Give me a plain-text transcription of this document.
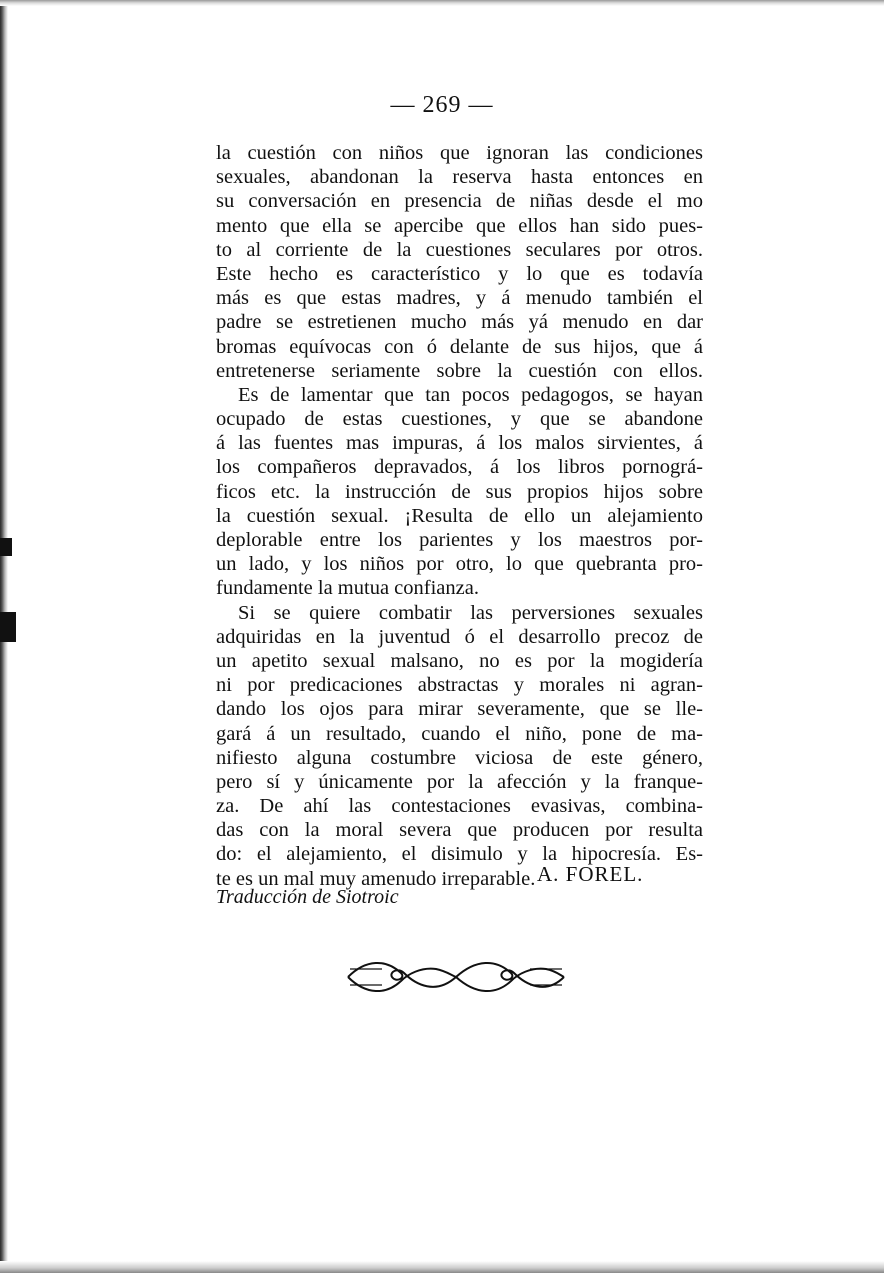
— 269 —
la cuestión con niños que ignoran las condiciones
sexuales, abandonan la reserva hasta entonces en
su conversación en presencia de niñas desde el mo
mento que ella se apercibe que ellos han sido pues-
to al corriente de la cuestiones seculares por otros.
Este hecho es característico y lo que es todavía
más es que estas madres, y á menudo también el
padre se estretienen mucho más yá menudo en dar
bromas equívocas con ó delante de sus hijos, que á
entretenerse seriamente sobre la cuestión con ellos.
Es de lamentar que tan pocos pedagogos, se hayan
ocupado de estas cuestiones, y que se abandone
á las fuentes mas impuras, á los malos sirvientes, á
los compañeros depravados, á los libros pornográ-
ficos etc. la instrucción de sus propios hijos sobre
la cuestión sexual. ¡Resulta de ello un alejamiento
deplorable entre los parientes y los maestros por-
un lado, y los niños por otro, lo que quebranta pro-
fundamente la mutua confianza.
Si se quiere combatir las perversiones sexuales
adquiridas en la juventud ó el desarrollo precoz de
un apetito sexual malsano, no es por la mogidería
ni por predicaciones abstractas y morales ni agran-
dando los ojos para mirar severamente, que se lle-
gará á un resultado, cuando el niño, pone de ma-
nifiesto alguna costumbre viciosa de este género,
pero sí y únicamente por la afección y la franque-
za. De ahí las contestaciones evasivas, combina-
das con la moral severa que producen por resulta
do: el alejamiento, el disimulo y la hipocresía. Es-
te es un mal muy amenudo irreparable. A. FOREL.
Traducción de Siotroic
